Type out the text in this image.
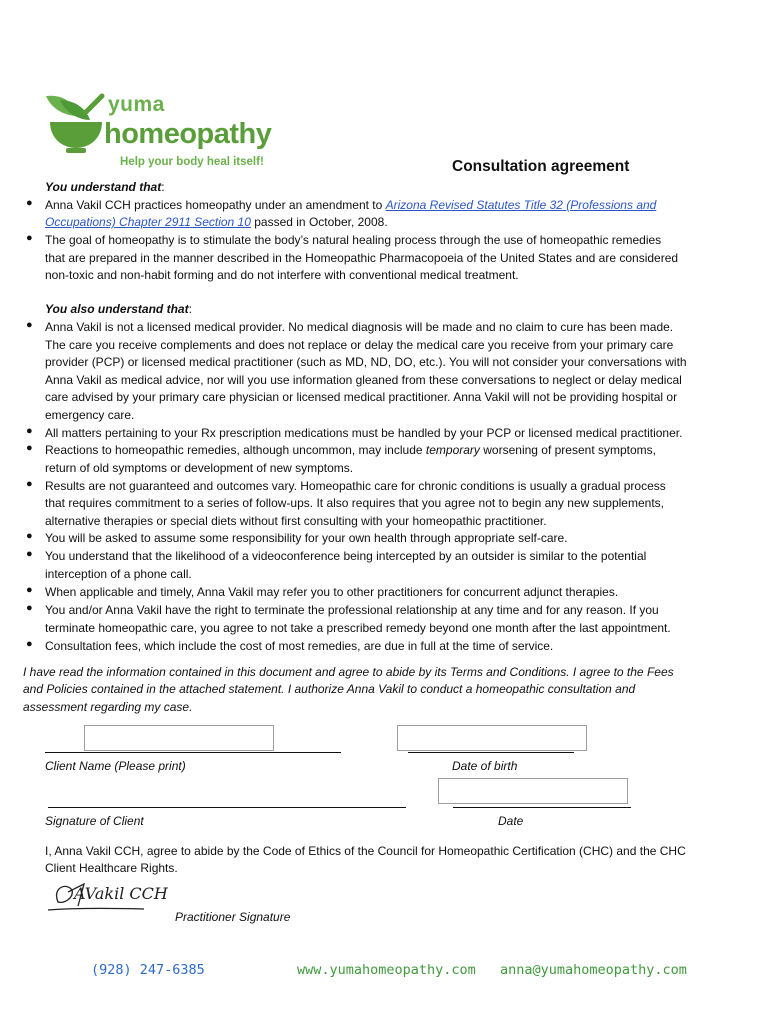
yuma
homeopathy
Help your body heal itself!	Consultation agreement
You understand that:
● Anna Vakil CCH practices homeopathy under an amendment to Arizona Revised Statutes Title 32 (Professions and
Occupations) Chapter 2911 Section 10 passed in October, 2008.
● The goal of homeopathy is to stimulate the body’s natural healing process through the use of homeopathic remedies
that are prepared in the manner described in the Homeopathic Pharmacopoeia of the United States and are considered
non-toxic and non-habit forming and do not interfere with conventional medical treatment.
You also understand that:
● Anna Vakil is not a licensed medical provider. No medical diagnosis will be made and no claim to cure has been made.
The care you receive complements and does not replace or delay the medical care you receive from your primary care
provider (PCP) or licensed medical practitioner (such as MD, ND, DO, etc.). You will not consider your conversations with
Anna Vakil as medical advice, nor will you use information gleaned from these conversations to neglect or delay medical
care advised by your primary care physician or licensed medical practitioner. Anna Vakil will not be providing hospital or
emergency care.
● All matters pertaining to your Rx prescription medications must be handled by your PCP or licensed medical practitioner.
● Reactions to homeopathic remedies, although uncommon, may include temporary worsening of present symptoms,
return of old symptoms or development of new symptoms.
● Results are not guaranteed and outcomes vary. Homeopathic care for chronic conditions is usually a gradual process
that requires commitment to a series of follow-ups. It also requires that you agree not to begin any new supplements,
alternative therapies or special diets without first consulting with your homeopathic practitioner.
● You will be asked to assume some responsibility for your own health through appropriate self-care.
● You understand that the likelihood of a videoconference being intercepted by an outsider is similar to the potential
interception of a phone call.
● When applicable and timely, Anna Vakil may refer you to other practitioners for concurrent adjunct therapies.
● You and/or Anna Vakil have the right to terminate the professional relationship at any time and for any reason. If you
terminate homeopathic care, you agree to not take a prescribed remedy beyond one month after the last appointment.
● Consultation fees, which include the cost of most remedies, are due in full at the time of service.
I have read the information contained in this document and agree to abide by its Terms and Conditions. I agree to the Fees
and Policies contained in the attached statement. I authorize Anna Vakil to conduct a homeopathic consultation and
assessment regarding my case.
Client Name (Please print)	Date of birth
Signature of Client	Date
I, Anna Vakil CCH, agree to abide by the Code of Ethics of the Council for Homeopathic Certification (CHC) and the CHC
Client Healthcare Rights.
AVakil CCH
Practitioner Signature
(928) 247-6385	www.yumahomeopathy.com anna@yumahomeopathy.com
